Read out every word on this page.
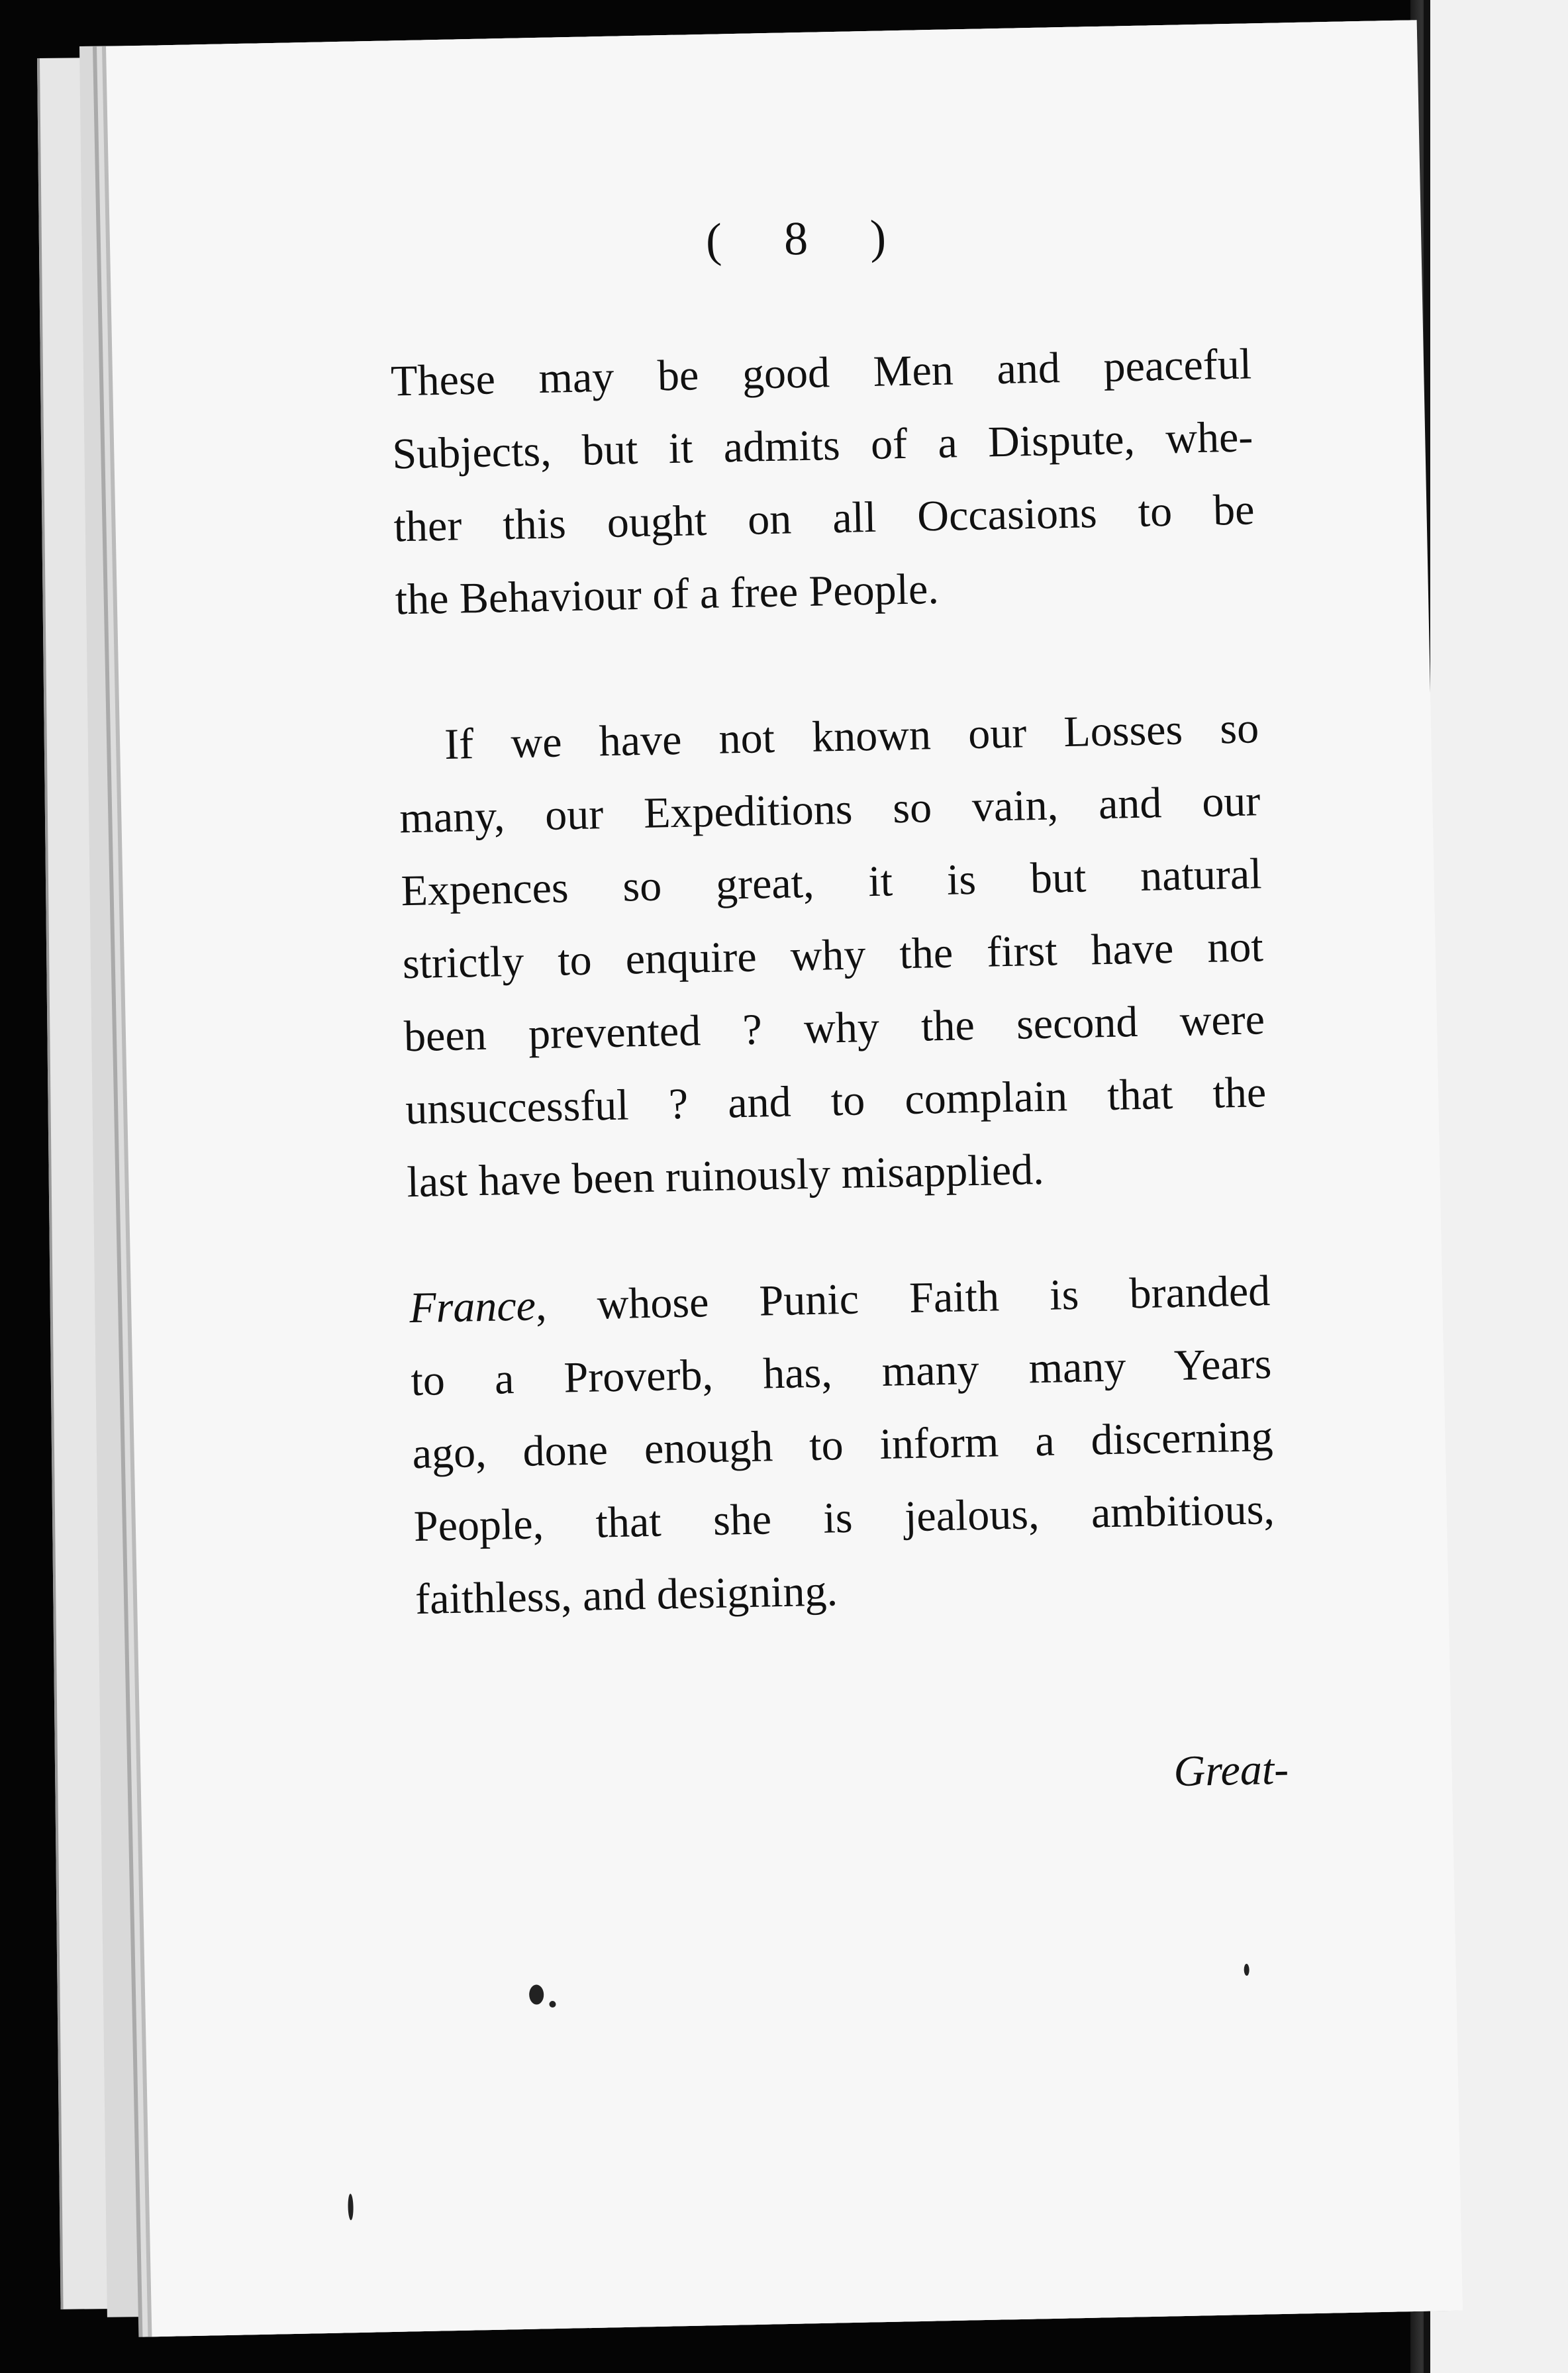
( 8 )
These may be good Men and peaceful
Subjects, but it admits of a Dispute, whe-
ther this ought on all Occasions to be
the Behaviour of a free People.
If we have not known our Losses so
many, our Expeditions so vain, and our
Expences so great, it is but natural
strictly to enquire why the first have not
been prevented ? why the second were
unsuccessful ? and to complain that the
last have been ruinously misapplied.
France, whose Punic Faith is branded
to a Proverb, has, many many Years
ago, done enough to inform a discerning
People, that she is jealous, ambitious,
faithless, and designing.
Great-
